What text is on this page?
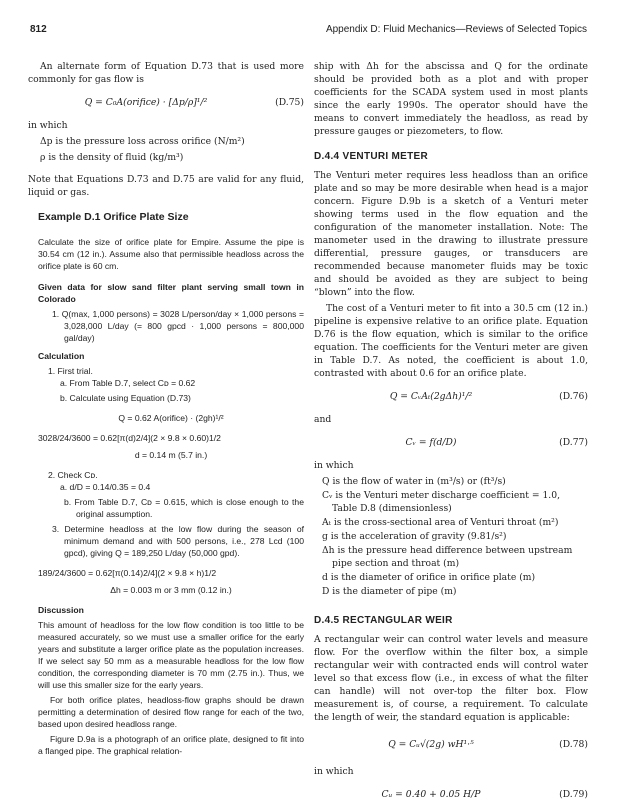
812	Appendix D: Fluid Mechanics—Reviews of Selected Topics

An alternate form of Equation D.73 that is used more commonly for gas flow is

Q = C₀A(orifice) · [Δp/ρ]¹/²	(D.75)

in which

Δp is the pressure loss across orifice (N/m²)

ρ is the density of fluid (kg/m³)

Note that Equations D.73 and D.75 are valid for any fluid, liquid or gas.

Example D.1 Orifice Plate Size

Calculate the size of orifice plate for Empire. Assume the pipe is 30.54 cm (12 in.). Assume also that permissible headloss across the orifice plate is 60 cm.

Given data for slow sand filter plant serving small town in Colorado

1. Q(max, 1,000 persons) = 3028 L/person/day × 1,000 persons = 3,028,000 L/day (= 800 gpcd · 1,000 persons = 800,000 gal/day)

Calculation

1. First trial.

a. From Table D.7, select Cᴅ = 0.62

b. Calculate using Equation (D.73)

Q = 0.62 A(orifice) · (2gh)¹/²

3028/24/3600 = 0.62[π(d)2/4](2 × 9.8 × 0.60)1/2

d = 0.14 m (5.7 in.)

2. Check Cᴅ.

a. d/D = 0.14/0.35 = 0.4

b. From Table D.7, Cᴅ = 0.615, which is close enough to the original assumption.

3. Determine headloss at the low flow during the season of minimum demand and with 500 persons, i.e., 278 Lcd (100 gpcd), giving Q = 189,250 L/day (50,000 gpd).

189/24/3600 = 0.62[π(0.14)2/4](2 × 9.8 × h)1/2

Δh = 0.003 m or 3 mm (0.12 in.)

Discussion

This amount of headloss for the low flow condition is too little to be measured accurately, so we must use a smaller orifice for the early years and substitute a larger orifice plate as the population increases. If we select say 50 mm as a measurable headloss for the low flow condition, the corresponding diameter is 70 mm (2.75 in.). Thus, we will use this smaller size for the early years.

For both orifice plates, headloss-flow graphs should be drawn permitting a determination of desired flow range for each of the two, based upon desired headloss range.

Figure D.9a is a photograph of an orifice plate, designed to fit into a flanged pipe. The graphical relation-

ship with Δh for the abscissa and Q for the ordinate should be provided both as a plot and with proper coefficients for the SCADA system used in most plants since the early 1990s. The operator should have the means to convert immediately the headloss, as read by pressure gauges or piezometers, to flow.

D.4.4 VENTURI METER

The Venturi meter requires less headloss than an orifice plate and so may be more desirable when head is a major concern. Figure D.9b is a sketch of a Venturi meter showing terms used in the flow equation and the configuration of the manometer installation. Note: The manometer used in the drawing to illustrate pressure differential, pressure gauges, or transducers are recommended because manometer fluids may be toxic and should be avoided as they are subject to being “blown” into the flow.

The cost of a Venturi meter to fit into a 30.5 cm (12 in.) pipeline is expensive relative to an orifice plate. Equation D.76 is the flow equation, which is similar to the orifice equation. The coefficients for the Venturi meter are given in Table D.7. As noted, the coefficient is about 1.0, contrasted with about 0.6 for an orifice plate.

Q = CᵥAₜ(2gΔh)¹/²	(D.76)

and

Cᵥ = f(d/D)	(D.77)

in which

Q is the flow of water in (m³/s) or (ft³/s)

Cᵥ is the Venturi meter discharge coefficient = 1.0, Table D.8 (dimensionless)

Aₜ is the cross-sectional area of Venturi throat (m²)

g is the acceleration of gravity (9.81/s²)

Δh is the pressure head difference between upstream pipe section and throat (m)

d is the diameter of orifice in orifice plate (m)

D is the diameter of pipe (m)

D.4.5 RECTANGULAR WEIR

A rectangular weir can control water levels and measure flow. For the overflow within the filter box, a simple rectangular weir with contracted ends will control water level so that excess flow (i.e., in excess of what the filter can handle) will not over-top the filter box. Flow measurement is, of course, a requirement. To calculate the length of weir, the standard equation is applicable:

Q = Cᵤ√(2g) wH¹·⁵	(D.78)

in which

Cᵤ = 0.40 + 0.05 H/P	(D.79)
